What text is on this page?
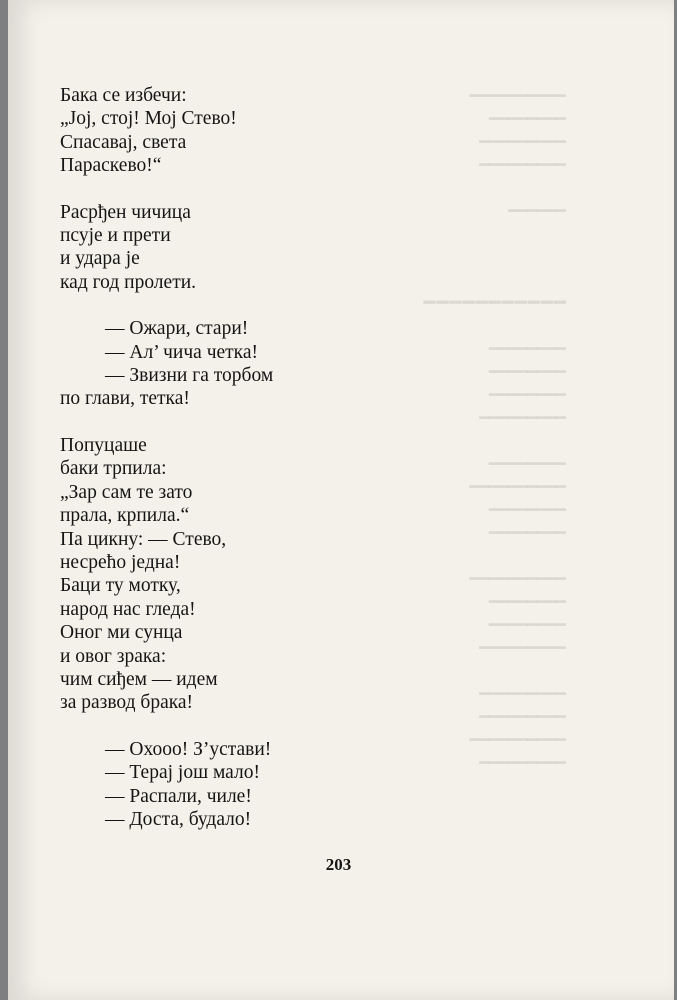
━━━━━━━━━━
━━━━━━━━
━━━━━━━━━
━━━━━━━━━
━━━━━━
━━━━━━━━━━━
━━━━━━━━
━━━━━━━━
━━━━━━━━
━━━━━━━━━
━━━━━━━━
━━━━━━━━━━
━━━━━━━━
━━━━━━━━
━━━━━━━━━━
━━━━━━━━
━━━━━━━━
━━━━━━━━━
━━━━━━━━━
━━━━━━━━━
━━━━━━━━━━
━━━━━━━━━
Бака се избечи:
„Јој, стој! Мој Стево!
Спасавај, света
Параскево!“
Расрђен чичица
псује и прети
и удара је
кад год пролети.
— Ожари, стари!
— Ал’ чича четка!
— Звизни га торбом
по глави, тетка!
Попуцаше
баки трпила:
„Зар сам те зато
прала, крпила.“
Па цикну: — Стево,
несрећо једна!
Баци ту мотку,
народ нас гледа!
Оног ми сунца
и овог зрака:
чим сиђем — идем
за развод брака!
— Охооо! З’устави!
— Терај још мало!
— Распали, чиле!
— Доста, будало!
203
